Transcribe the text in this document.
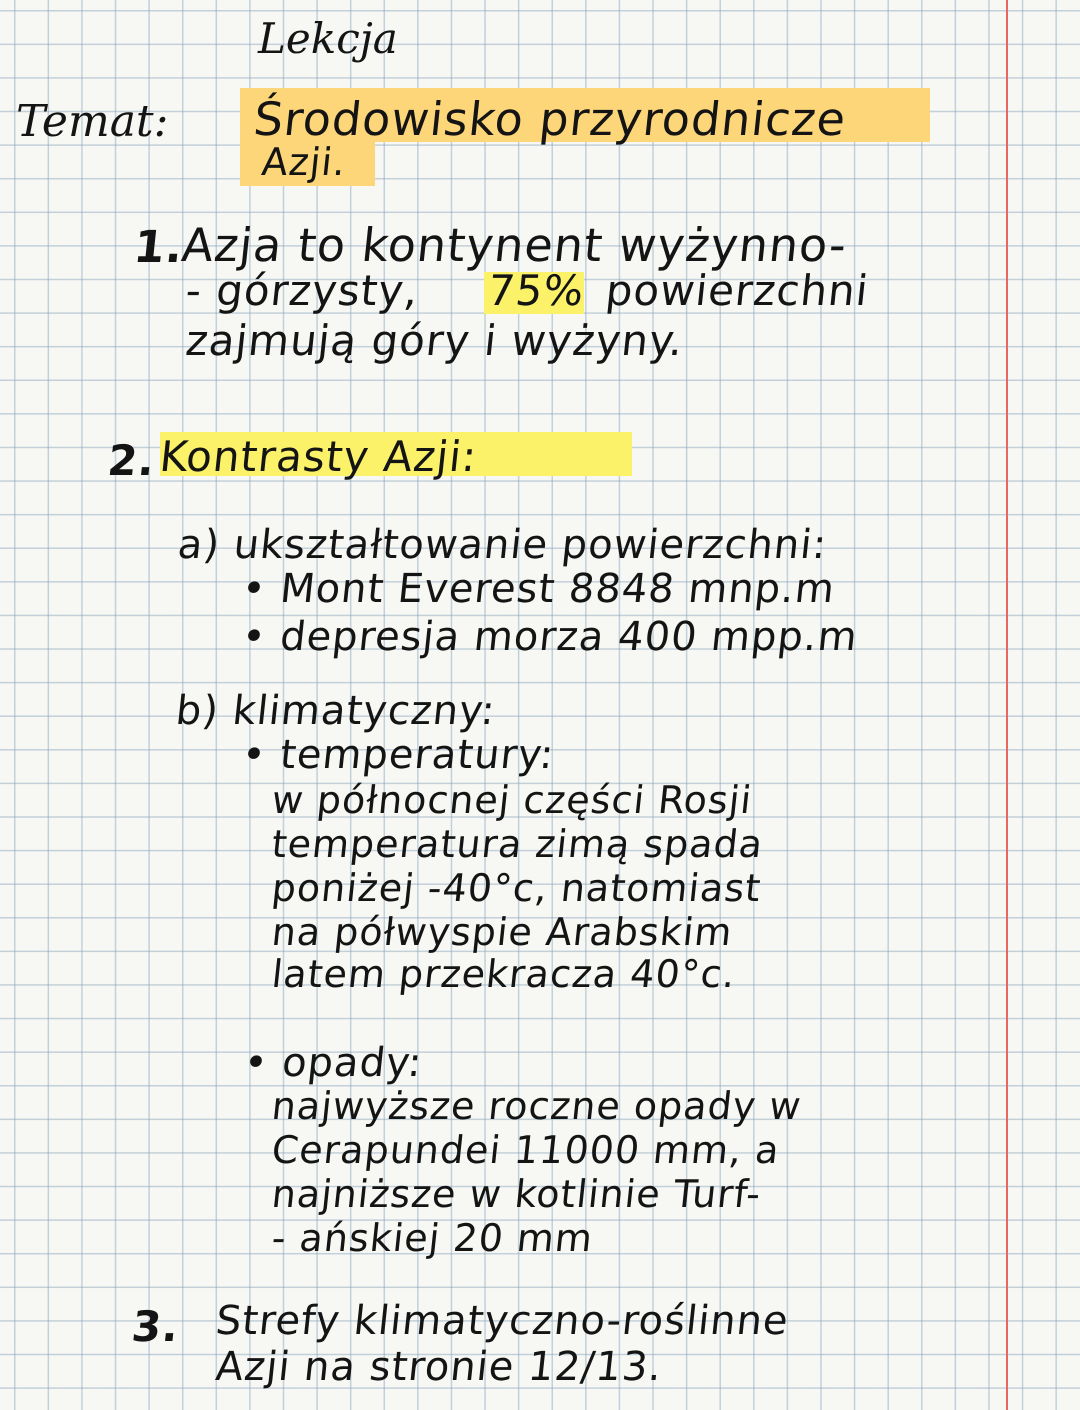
Lekcja
Temat: Środowisko przyrodnicze
Azji.
1.
Azja to kontynent wyżynno-
- górzysty, 75% powierzchni
zajmują góry i wyżyny.
2. Kontrasty Azji:
a) ukształtowanie powierzchni:
• Mont Everest 8848 mnp.m
• depresja morza 400 mpp.m
b) klimatyczny:
• temperatury:
w północnej części Rosji
temperatura zimą spada
poniżej -40°c, natomiast
na półwyspie Arabskim
latem przekracza 40°c.
• opady:
najwyższe roczne opady w
Cerapundei 11000 mm, a
najniższe w kotlinie Turf-
- ańskiej 20 mm
3. Strefy klimatyczno-roślinne
Azji na stronie 12/13.
